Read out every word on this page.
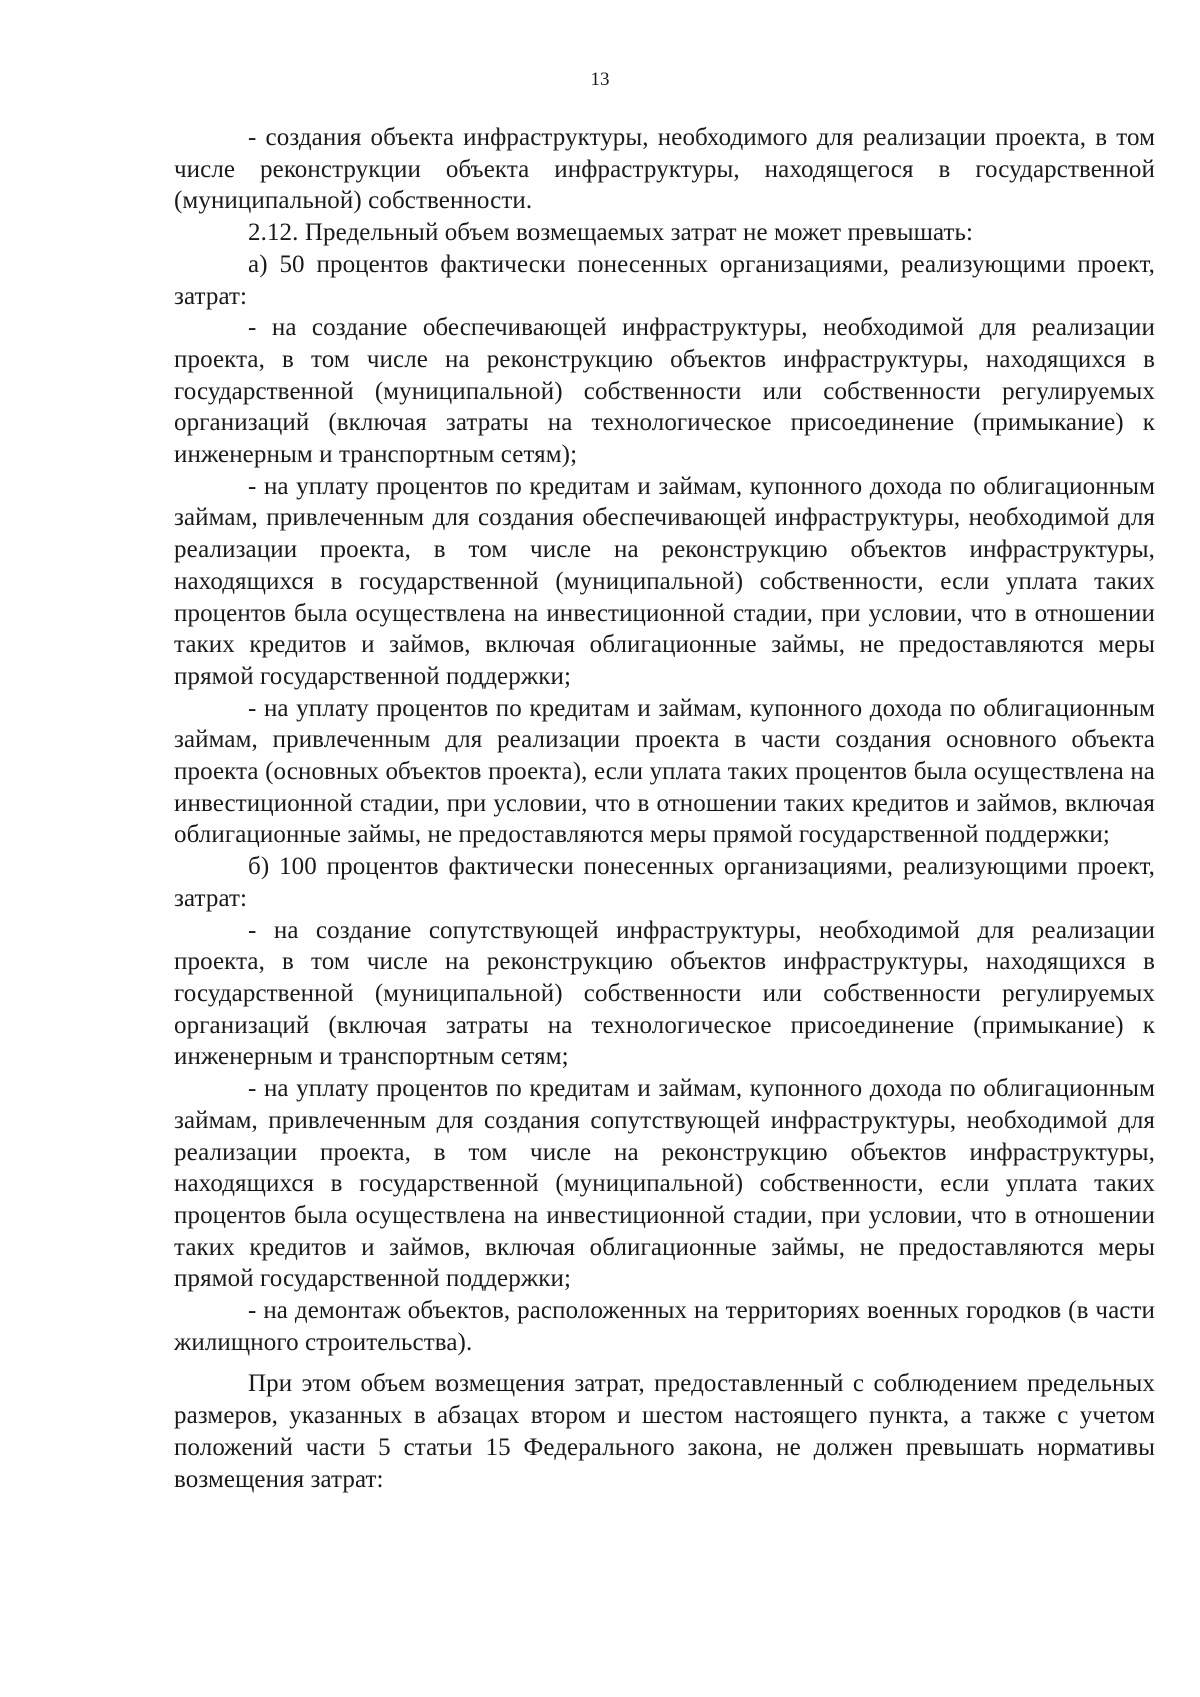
13

- создания объекта инфраструктуры, необходимого для реализации проекта, в том числе реконструкции объекта инфраструктуры, находящегося в государственной (муниципальной) собственности.

2.12. Предельный объем возмещаемых затрат не может превышать:

а) 50 процентов фактически понесенных организациями, реализующими проект, затрат:

- на создание обеспечивающей инфраструктуры, необходимой для реализации проекта, в том числе на реконструкцию объектов инфраструктуры, находящихся в государственной (муниципальной) собственности или собственности регулируемых организаций (включая затраты на технологическое присоединение (примыкание) к инженерным и транспортным сетям);

- на уплату процентов по кредитам и займам, купонного дохода по облигационным займам, привлеченным для создания обеспечивающей инфраструктуры, необходимой для реализации проекта, в том числе на реконструкцию объектов инфраструктуры, находящихся в государственной (муниципальной) собственности, если уплата таких процентов была осуществлена на инвестиционной стадии, при условии, что в отношении таких кредитов и займов, включая облигационные займы, не предоставляются меры прямой государственной поддержки;

- на уплату процентов по кредитам и займам, купонного дохода по облигационным займам, привлеченным для реализации проекта в части создания основного объекта проекта (основных объектов проекта), если уплата таких процентов была осуществлена на инвестиционной стадии, при условии, что в отношении таких кредитов и займов, включая облигационные займы, не предоставляются меры прямой государственной поддержки;

б) 100 процентов фактически понесенных организациями, реализующими проект, затрат:

- на создание сопутствующей инфраструктуры, необходимой для реализации проекта, в том числе на реконструкцию объектов инфраструктуры, находящихся в государственной (муниципальной) собственности или собственности регулируемых организаций (включая затраты на технологическое присоединение (примыкание) к инженерным и транспортным сетям;

- на уплату процентов по кредитам и займам, купонного дохода по облигационным займам, привлеченным для создания сопутствующей инфраструктуры, необходимой для реализации проекта, в том числе на реконструкцию объектов инфраструктуры, находящихся в государственной (муниципальной) собственности, если уплата таких процентов была осуществлена на инвестиционной стадии, при условии, что в отношении таких кредитов и займов, включая облигационные займы, не предоставляются меры прямой государственной поддержки;

- на демонтаж объектов, расположенных на территориях военных городков (в части жилищного строительства).

При этом объем возмещения затрат, предоставленный с соблюдением предельных размеров, указанных в абзацах втором и шестом настоящего пункта, а также с учетом положений части 5 статьи 15 Федерального закона, не должен превышать нормативы возмещения затрат:
